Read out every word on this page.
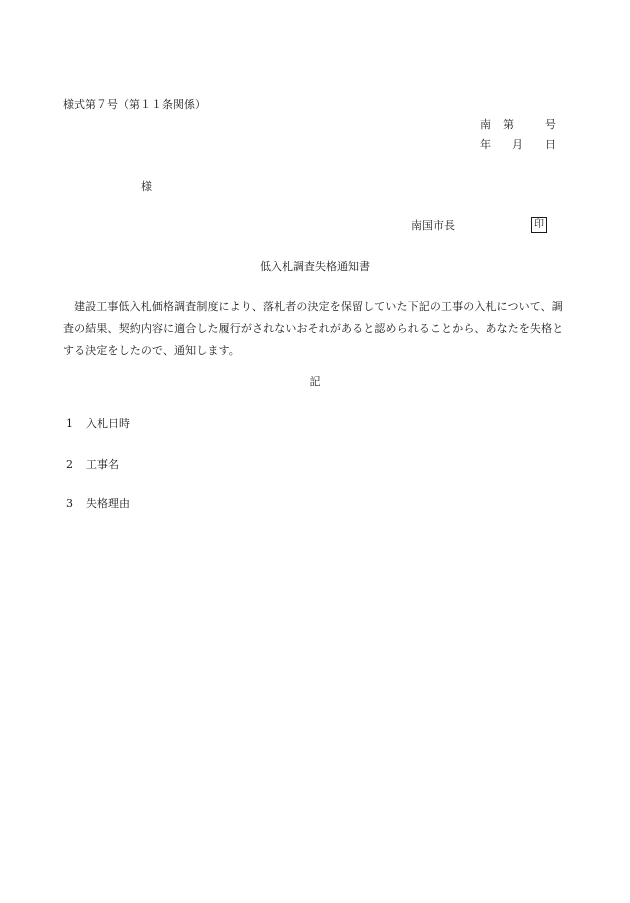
様式第７号（第１１条関係）
南 第	号
年 月 日
様
南国市長	印
低入札調査失格通知書
建設工事低入札価格調査制度により、落札者の決定を保留していた下記の工事の入札について、調査の結果、契約内容に適合した履行がされないおそれがあると認められることから、あなたを失格とする決定をしたので、通知します。
記
1 入札日時
2 工事名
3 失格理由
